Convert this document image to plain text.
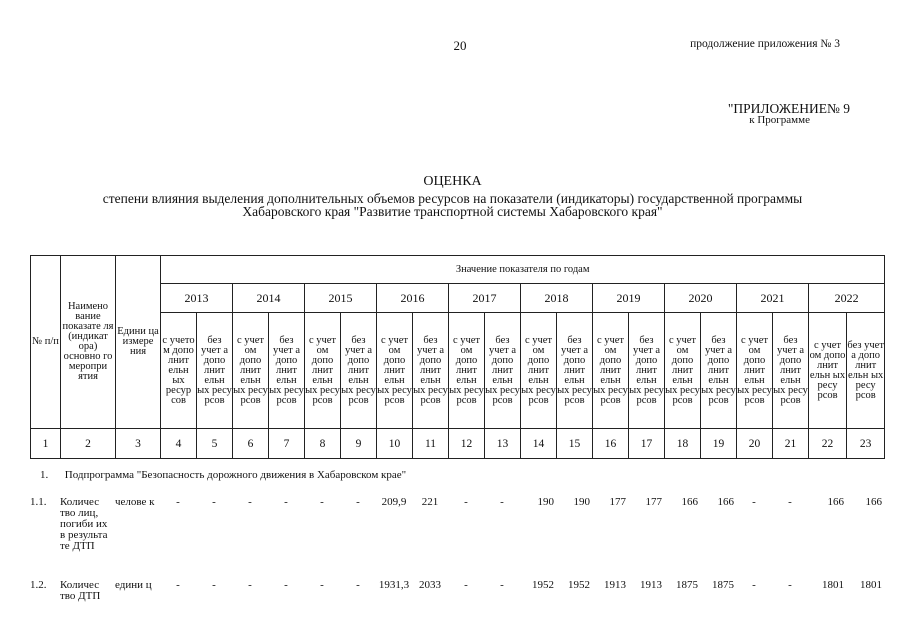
20	продолжение приложения № 3
"ПРИЛОЖЕНИЕ№ 9
к Программе
ОЦЕНКА
степени влияния выделения дополнительных объемов ресурсов на показатели (индикаторы) государственной программы
Хабаровского края "Развитие транспортной системы Хабаровского края"
№ п/п	Наимено вание показате ля (индикат ора) основно го меропри ятия	Едини ца измере ния	Значение показателя по годам																			
			2013		2014		2015		2016		2017		2018		2019		2020		2021		2022	
			с учето м допо лнит ельн ых ресур сов	без учет а допо лнит ельн ых ресу рсов	с учет ом допо лнит ельн ых ресу рсов	без учет а допо лнит ельн ых ресу рсов	с учет ом допо лнит ельн ых ресу рсов	без учет а допо лнит ельн ых ресу рсов	с учет ом допо лнит ельн ых ресу рсов	без учет а допо лнит ельн ых ресу рсов	с учет ом допо лнит ельн ых ресу рсов	без учет а допо лнит ельн ых ресу рсов	с учет ом допо лнит ельн ых ресу рсов	без учет а допо лнит ельн ых ресу рсов	с учет ом допо лнит ельн ых ресу рсов	без учет а допо лнит ельн ых ресу рсов	с учет ом допо лнит ельн ых ресу рсов	без учет а допо лнит ельн ых ресу рсов	с учет ом допо лнит ельн ых ресу рсов	без учет а допо лнит ельн ых ресу рсов	с учет ом допо лнит ельн ых ресу рсов	без учет а допо лнит ельн ых ресу рсов
1	2	3	4	5	6	7	8	9	10	11	12	13	14	15	16	17	18	19	20	21	22	23
1. Подпрограмма "Безопасность дорожного движения в Хабаровском крае"
1.1.	Количес тво лиц, погиби их в результа те ДТП	челове к	-	-	-	-	-	-	209,9	221	-	-	190	190	177	177	166	166	-	-	166	166
1.2.	Количес тво ДТП	едини ц	-	-	-	-	-	-	1931,3	2033	-	-	1952	1952	1913	1913	1875	1875	-	-	1801	1801
